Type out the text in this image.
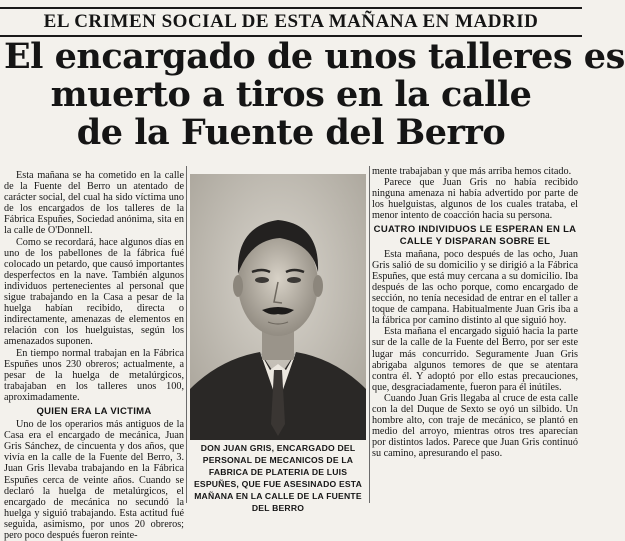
EL CRIMEN SOCIAL DE ESTA MAÑANA EN MADRID
El encargado de unos talleres es
muerto a tiros en la calle
de la Fuente del Berro

Esta mañana se ha cometido en la calle de la Fuente del Berro un atentado de carácter social, del cual ha sido víctima uno de los encargados de los talleres de la Fábrica Espuñes, Sociedad anónima, sita en la calle de O'Donnell.

Como se recordará, hace algunos días en uno de los pabellones de la fábrica fué colocado un petardo, que causó importantes desperfectos en la nave. También algunos individuos pertenecientes al personal que sigue trabajando en la Casa a pesar de la huelga habían recibido, directa o indirectamente, amenazas de elementos en relación con los huelguistas, según los amenazados suponen.

En tiempo normal trabajan en la Fábrica Espuñes unos 230 obreros; actualmente, a pesar de la huelga de metalúrgicos, trabajaban en los talleres unos 100, aproximadamente.

QUIEN ERA LA VICTIMA

Uno de los operarios más antiguos de la Casa era el encargado de mecánica, Juan Gris Sánchez, de cincuenta y dos años, que vivía en la calle de la Fuente del Berro, 3. Juan Gris llevaba trabajando en la Fábrica Espuñes cerca de veinte años. Cuando se declaró la huelga de metalúrgicos, el encargado de mecánica no secundó la huelga y siguió trabajando. Esta actitud fué seguida, asimismo, por unos 20 obreros; pero poco después fueron reinte-

DON JUAN GRIS, ENCARGADO DEL PERSONAL DE MECANICOS DE LA FABRICA DE PLATERIA DE LUIS ESPUÑES, QUE FUE ASESINADO ESTA MAÑANA EN LA CALLE DE LA FUENTE DEL BERRO

mente trabajaban y que más arriba hemos citado.

Parece que Juan Gris no había recibido ninguna amenaza ni había advertido por parte de los huelguistas, algunos de los cuales trataba, el menor intento de coacción hacia su persona.

CUATRO INDIVIDUOS LE ESPERAN EN LA CALLE Y DISPARAN SOBRE EL

Esta mañana, poco después de las ocho, Juan Gris salió de su domicilio y se dirigió a la Fábrica Espuñes, que está muy cercana a su domicilio. Iba después de las ocho porque, como encargado de sección, no tenía necesidad de entrar en el taller a toque de campana. Habitualmente Juan Gris iba a la fábrica por camino distinto al que siguió hoy.

Esta mañana el encargado siguió hacia la parte sur de la calle de la Fuente del Berro, por ser este lugar más concurrido. Seguramente Juan Gris abrigaba algunos temores de que se atentara contra él. Y adoptó por ello estas precauciones, que, desgraciadamente, fueron para él inútiles.

Cuando Juan Gris llegaba al cruce de esta calle con la del Duque de Sexto se oyó un silbido. Un hombre alto, con traje de mecánico, se plantó en medio del arroyo, mientras otros tres aparecían por distintos lados. Parece que Juan Gris continuó su camino, apresurando el paso.
